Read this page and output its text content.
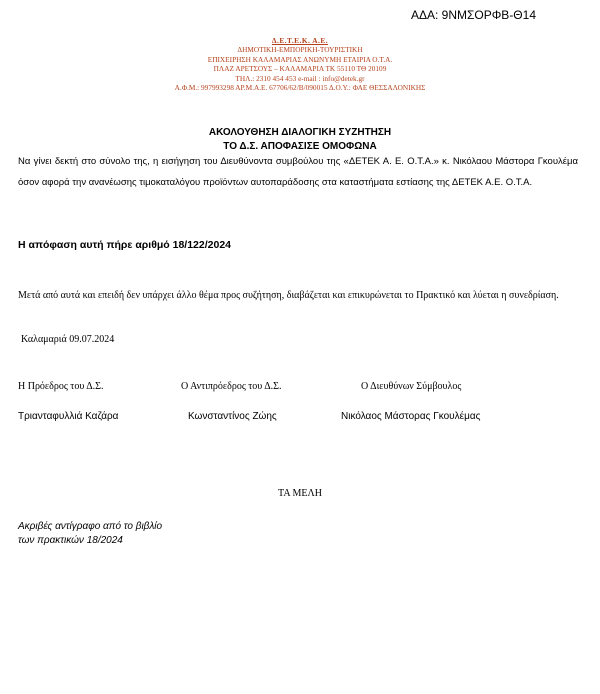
ΑΔΑ: 9ΝΜΣΟΡΦΒ-Θ14
Δ.Ε.Τ.Ε.Κ. Α.Ε.
ΔΗΜΟΤΙΚΗ-ΕΜΠΟΡΙΚΗ-ΤΟΥΡΙΣΤΙΚΗ
ΕΠΙΧΕΙΡΗΣΗ ΚΑΛΑΜΑΡΙΑΣ ΑΝΩΝΥΜΗ ΕΤΑΙΡΙΑ Ο.Τ.Α.
ΠΛΑΖ ΑΡΕΤΣΟΥΣ – ΚΑΛΑΜΑΡΙΑ ΤΚ 55110 ΤΘ 20109
ΤΗΛ.: 2310 454 453 e-mail : info@detek.gr
Α.Φ.Μ.: 997993298 ΑΡ.Μ.Α.Ε. 67706/62/Β/090015 Δ.Ο.Υ.: ΦΑΕ ΘΕΣΣΑΛΟΝΙΚΗΣ
ΑΚΟΛΟΥΘΗΣΗ ΔΙΑΛΟΓΙΚΗ ΣΥΖΗΤΗΣΗ
ΤΟ Δ.Σ. ΑΠΟΦΑΣΙΣΕ ΟΜΟΦΩΝΑ
Να γίνει δεκτή στο σύνολο της, η εισήγηση του Διευθύνοντα συμβούλου της «ΔΕΤΕΚ Α. Ε. Ο.Τ.Α.» κ. Νικόλαου Μάστορα Γκουλέμα όσον αφορά την ανανέωσης τιμοκαταλόγου προϊόντων αυτοπαράδοσης στα καταστήματα εστίασης της ΔΕΤΕΚ Α.Ε. Ο.Τ.Α.
Η απόφαση αυτή πήρε αριθμό 18/122/2024
Μετά από αυτά και επειδή δεν υπάρχει άλλο θέμα προς συζήτηση, διαβάζεται και επικυρώνεται το Πρακτικό και λύεται η συνεδρίαση.
Καλαμαριά 09.07.2024
Η Πρόεδρος του Δ.Σ.	Ο Αντιπρόεδρος του Δ.Σ.	Ο Διευθύνων Σύμβουλος
Τριανταφυλλιά Καζάρα	Κωνσταντίνος Ζώης	Νικόλαος Μάστορας Γκουλέμας
ΤΑ ΜΕΛΗ
Ακριβές αντίγραφο από το βιβλίο
των πρακτικών 18/2024
